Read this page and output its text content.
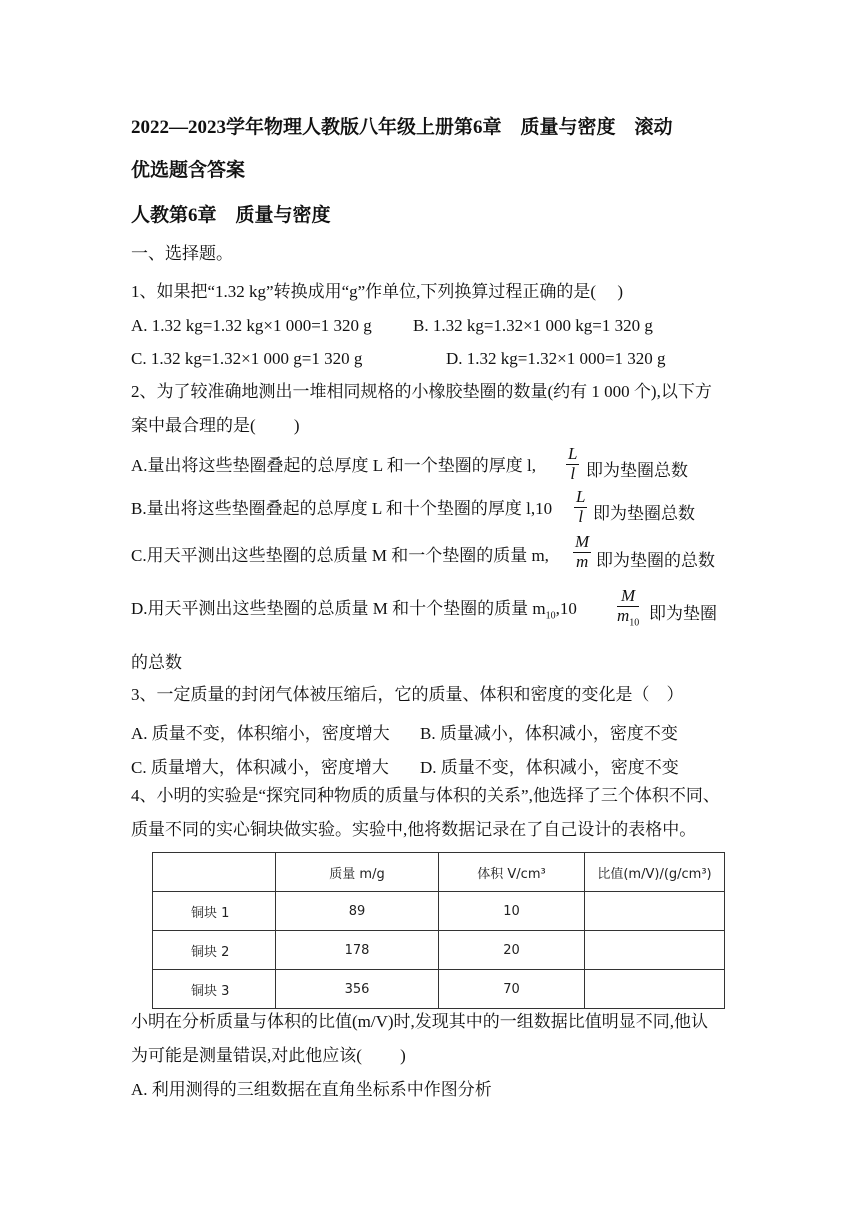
2022—2023学年物理人教版八年级上册第6章　质量与密度　滚动
优选题含答案
人教第6章　质量与密度
一、选择题。
1、如果把“1.32 kg”转换成用“g”作单位,下列换算过程正确的是(　 )
A. 1.32 kg=1.32 kg×1 000=1 320 g B. 1.32 kg=1.32×1 000 kg=1 320 g
C. 1.32 kg=1.32×1 000 g=1 320 g	D. 1.32 kg=1.32×1 000=1 320 g
2、为了较准确地测出一堆相同规格的小橡胶垫圈的数量(约有 1 000 个),以下方
案中最合理的是(　　 )
A.量出将这些垫圈叠起的总厚度 L 和一个垫圈的厚度 l, $\frac{L}{l}$ 即为垫圈总数
B.量出将这些垫圈叠起的总厚度 L 和十个垫圈的厚度 $l,10 \frac{L}{l}$ 即为垫圈总数
C.用天平测出这些垫圈的总质量 M 和一个垫圈的质量 m, $\frac{M}{m}$ 即为垫圈的总数
D.用天平测出这些垫圈的总质量 M 和十个垫圈的质量 $m_{10},10 \frac{M}{m_{10}}$ 即为垫圈
的总数
3、一定质量的封闭气体被压缩后，它的质量、体积和密度的变化是（　）
A. 质量不变，体积缩小，密度增大 B. 质量减小，体积减小，密度不变
C. 质量增大，体积减小，密度增大 D. 质量不变，体积减小，密度不变
4、小明的实验是“探究同种物质的质量与体积的关系”,他选择了三个体积不同、
质量不同的实心铜块做实验。实验中,他将数据记录在了自己设计的表格中。
	质量 m/g	体积 V/cm³	比值(m/V)/(g/cm³)
铜块 1	89	10	
铜块 2	178	20	
铜块 3	356	70	
小明在分析质量与体积的比值(m/V)时,发现其中的一组数据比值明显不同,他认
为可能是测量错误,对此他应该(　　 )
A. 利用测得的三组数据在直角坐标系中作图分析
